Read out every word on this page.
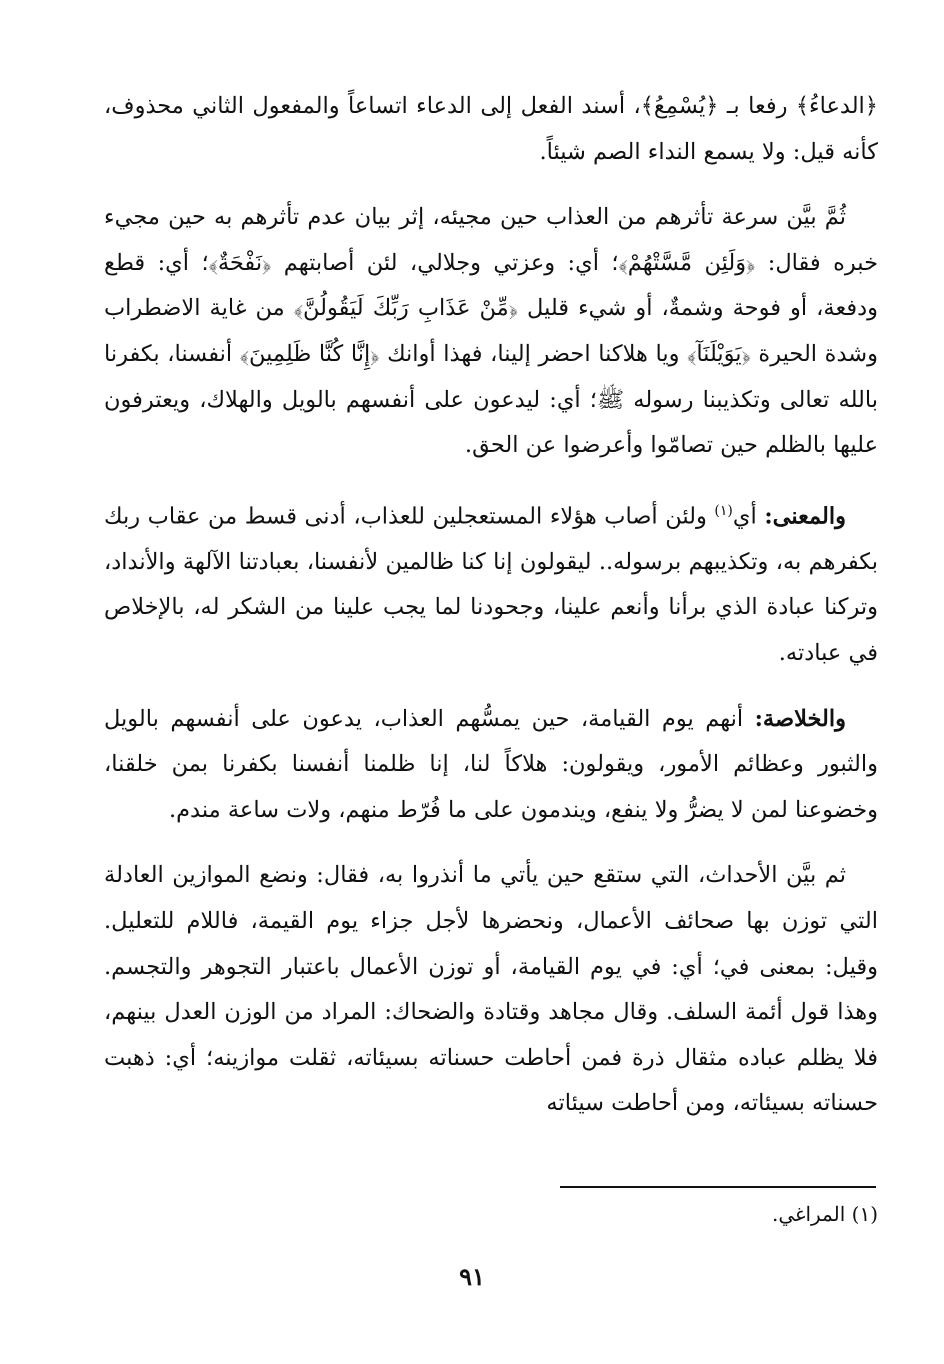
﴿الدعاءُ﴾ رفعا بـ ﴿يُسْمِعُ﴾، أسند الفعل إلى الدعاء اتساعاً والمفعول الثاني محذوف، كأنه قيل: ولا يسمع النداء الصم شيئاً.

ثُمَّ بيَّن سرعة تأثرهم من العذاب حين مجيئه، إثر بيان عدم تأثرهم به حين مجيء خبره فقال: ﴿وَلَئِن مَّسَّتْهُمْ﴾؛ أي: وعزتي وجلالي، لئن أصابتهم ﴿نَفْحَةٌ﴾؛ أي: قطع ودفعة، أو فوحة وشمةٌ، أو شيء قليل ﴿مِّنْ عَذَابِ رَبِّكَ لَيَقُولُنَّ﴾ من غاية الاضطراب وشدة الحيرة ﴿يَوَيْلَنَآ﴾ ويا هلاكنا احضر إلينا، فهذا أوانك ﴿إِنَّا كُنَّا ظَلِمِينَ﴾ أنفسنا، بكفرنا بالله تعالى وتكذيبنا رسوله ﷺ؛ أي: ليدعون على أنفسهم بالويل والهلاك، ويعترفون عليها بالظلم حين تصامّوا وأعرضوا عن الحق.

والمعنى: أي$^{(١)}$ ولئن أصاب هؤلاء المستعجلين للعذاب، أدنى قسط من عقاب ربك بكفرهم به، وتكذيبهم برسوله.. ليقولون إنا كنا ظالمين لأنفسنا، بعبادتنا الآلهة والأنداد، وتركنا عبادة الذي برأنا وأنعم علينا، وجحودنا لما يجب علينا من الشكر له، بالإخلاص في عبادته.

والخلاصة: أنهم يوم القيامة، حين يمسُّهم العذاب، يدعون على أنفسهم بالويل والثبور وعظائم الأمور، ويقولون: هلاكاً لنا، إنا ظلمنا أنفسنا بكفرنا بمن خلقنا، وخضوعنا لمن لا يضرُّ ولا ينفع، ويندمون على ما فُرّط منهم، ولات ساعة مندم.

ثم بيَّن الأحداث، التي ستقع حين يأتي ما أنذروا به، فقال: ونضع الموازين العادلة التي توزن بها صحائف الأعمال، ونحضرها لأجل جزاء يوم القيمة، فاللام للتعليل. وقيل: بمعنى في؛ أي: في يوم القيامة، أو توزن الأعمال باعتبار التجوهر والتجسم. وهذا قول أئمة السلف. وقال مجاهد وقتادة والضحاك: المراد من الوزن العدل بينهم، فلا يظلم عباده مثقال ذرة فمن أحاطت حسناته بسيئاته، ثقلت موازينه؛ أي: ذهبت حسناته بسيئاته، ومن أحاطت سيئاته

(١) المراغي.
٩١
